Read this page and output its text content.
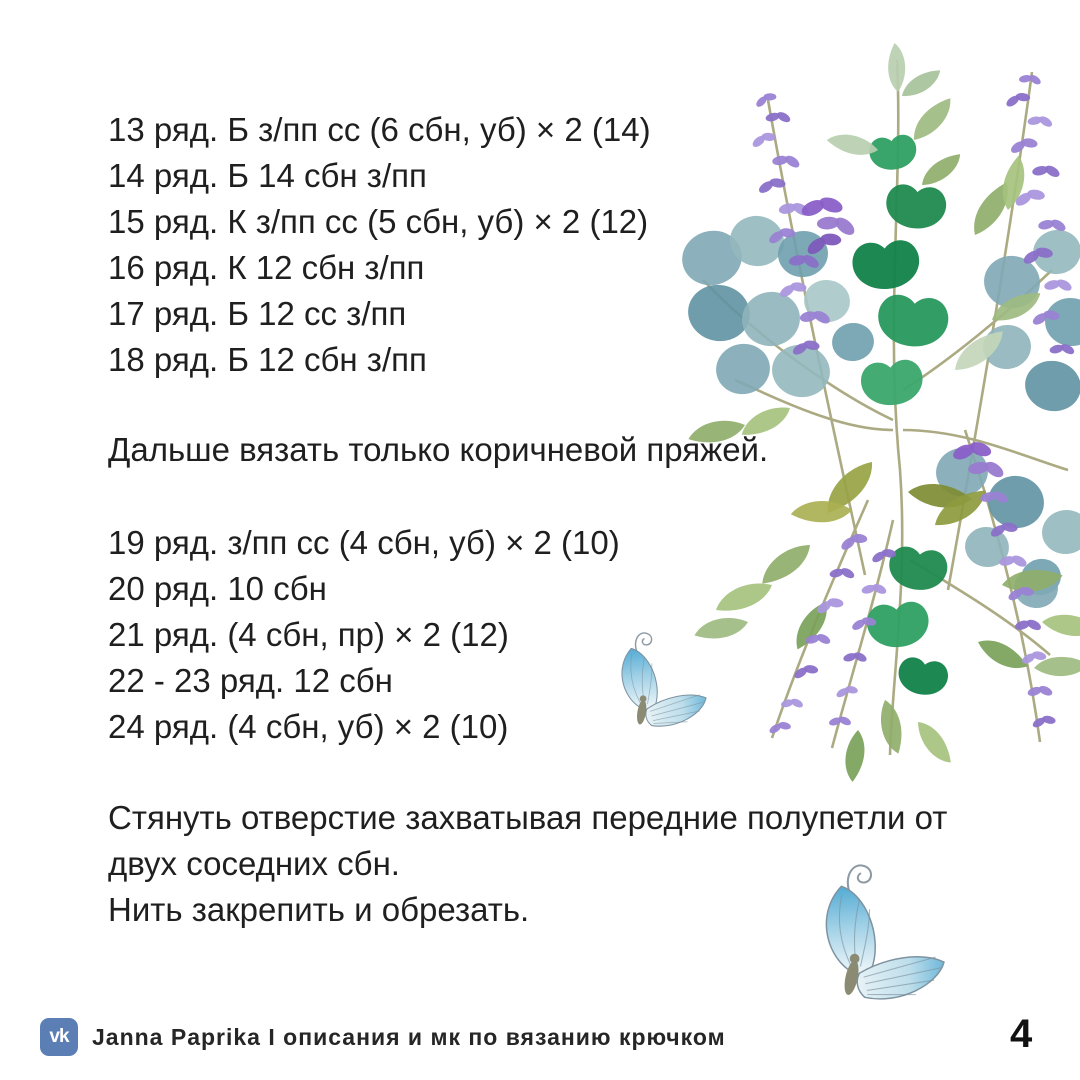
13 ряд. Б з/пп сс (6 сбн, уб) × 2 (14)
14 ряд. Б 14 сбн з/пп
15 ряд. К з/пп сс (5 сбн, уб) × 2 (12)
16 ряд. К 12 сбн з/пп
17 ряд. Б 12 сс з/пп
18 ряд. Б 12 сбн з/пп
Дальше вязать только коричневой пряжей.
19 ряд. з/пп сс (4 сбн, уб) × 2 (10)
20 ряд. 10 сбн
21 ряд. (4 сбн, пр) × 2 (12)
22 - 23 ряд. 12 сбн
24 ряд. (4 сбн, уб) × 2 (10)
Стянуть отверстие захватывая передние полупетли от двух соседних сбн.
Нить закрепить и обрезать.
vk	Janna Paprika I описания и мк по вязанию крючком	4
